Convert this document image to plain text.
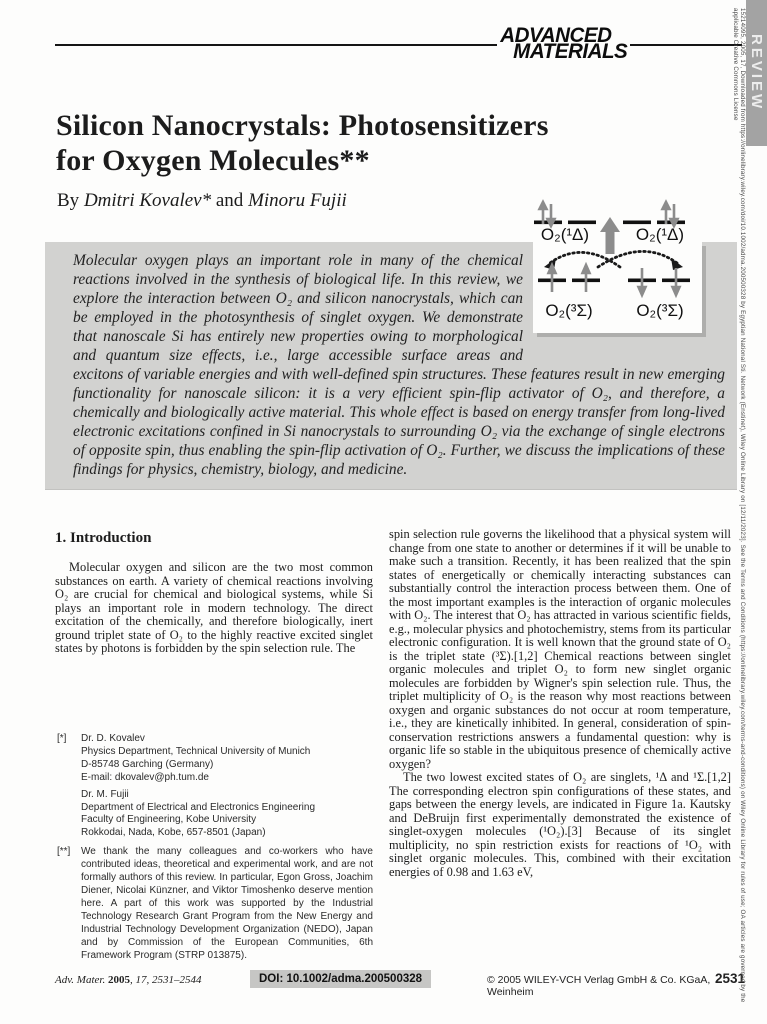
ADVANCED
MATERIALS
Silicon Nanocrystals: Photosensitizers
for Oxygen Molecules**
By Dmitri Kovalev* and Minoru Fujii
Molecular oxygen plays an important role in many of the chemical reactions involved in the synthesis of biological life. In this review, we explore the interaction between O₂ and silicon nanocrystals, which can be employed in the photosynthesis of singlet oxygen. We demonstrate that nanoscale Si has entirely new properties owing to morphological and quantum size effects, i.e., large accessible surface areas and excitons of variable energies and with well-defined spin structures. These features result in new emerging functionality for nanoscale silicon: it is a very efficient spin-flip activator of O₂, and therefore, a chemically and biologically active material. This whole effect is based on energy transfer from long-lived electronic excitations confined in Si nanocrystals to surrounding O₂ via the exchange of single electrons of opposite spin, thus enabling the spin-flip activation of O₂. Further, we discuss the implications of these findings for physics, chemistry, biology, and medicine.
O₂(¹Δ)	O₂(¹Δ)
O₂(³Σ)	O₂(³Σ)
1. Introduction

Molecular oxygen and silicon are the two most common substances on earth. A variety of chemical reactions involving O₂ are crucial for chemical and biological systems, while Si plays an important role in modern technology. The direct excitation of the chemically, and therefore biologically, inert ground triplet state of O₂ to the highly reactive excited singlet states by photons is forbidden by the spin selection rule. The

[*]	Dr. D. Kovalev
Physics Department, Technical University of Munich
D-85748 Garching (Germany)
E-mail: dkovalev@ph.tum.de
Dr. M. Fujii
Department of Electrical and Electronics Engineering
Faculty of Engineering, Kobe University
Rokkodai, Nada, Kobe, 657-8501 (Japan)
[**]	We thank the many colleagues and co-workers who have contributed ideas, theoretical and experimental work, and are not formally authors of this review. In particular, Egon Gross, Joachim Diener, Nicolai Künzner, and Viktor Timoshenko deserve mention here. A part of this work was supported by the Industrial Technology Research Grant Program from the New Energy and Industrial Technology Development Organization (NEDO), Japan and by Commission of the European Communities, 6th Framework Program (STRP 013875).

spin selection rule governs the likelihood that a physical system will change from one state to another or determines if it will be unable to make such a transition. Recently, it has been realized that the spin states of energetically or chemically interacting substances can substantially control the interaction process between them. One of the most important examples is the interaction of organic molecules with O₂. The interest that O₂ has attracted in various scientific fields, e.g., molecular physics and photochemistry, stems from its particular electronic configuration. It is well known that the ground state of O₂ is the triplet state (³Σ).[1,2] Chemical reactions between singlet organic molecules and triplet O₂ to form new singlet organic molecules are forbidden by Wigner's spin selection rule. Thus, the triplet multiplicity of O₂ is the reason why most reactions between oxygen and organic substances do not occur at room temperature, i.e., they are kinetically inhibited. In general, consideration of spin-conservation restrictions answers a fundamental question: why is organic life so stable in the ubiquitous presence of chemically active oxygen?

The two lowest excited states of O₂ are singlets, ¹Δ and ¹Σ.[1,2] The corresponding electron spin configurations of these states, and gaps between the energy levels, are indicated in Figure 1a. Kautsky and DeBruijn first experimentally demonstrated the existence of singlet-oxygen molecules (¹O₂).[3] Because of its singlet multiplicity, no spin restriction exists for reactions of ¹O₂ with singlet organic molecules. This, combined with their excitation energies of 0.98 and 1.63 eV,

Adv. Mater. 2005, 17, 2531–2544	DOI: 10.1002/adma.200500328	© 2005 WILEY-VCH Verlag GmbH & Co. KGaA, Weinheim
2531
15214095, 2005, 17, Downloaded from https://onlinelibrary.wiley.com/doi/10.1002/adma.200500328 by Egyptian National Sti. Network (Enstinet), Wiley Online Library on [12/11/2023]. See the Terms and Conditions (https://onlinelibrary.wiley.com/terms-and-conditions) on Wiley Online Library for rules of use; OA articles are governed by the applicable Creative Commons License REVIEW
